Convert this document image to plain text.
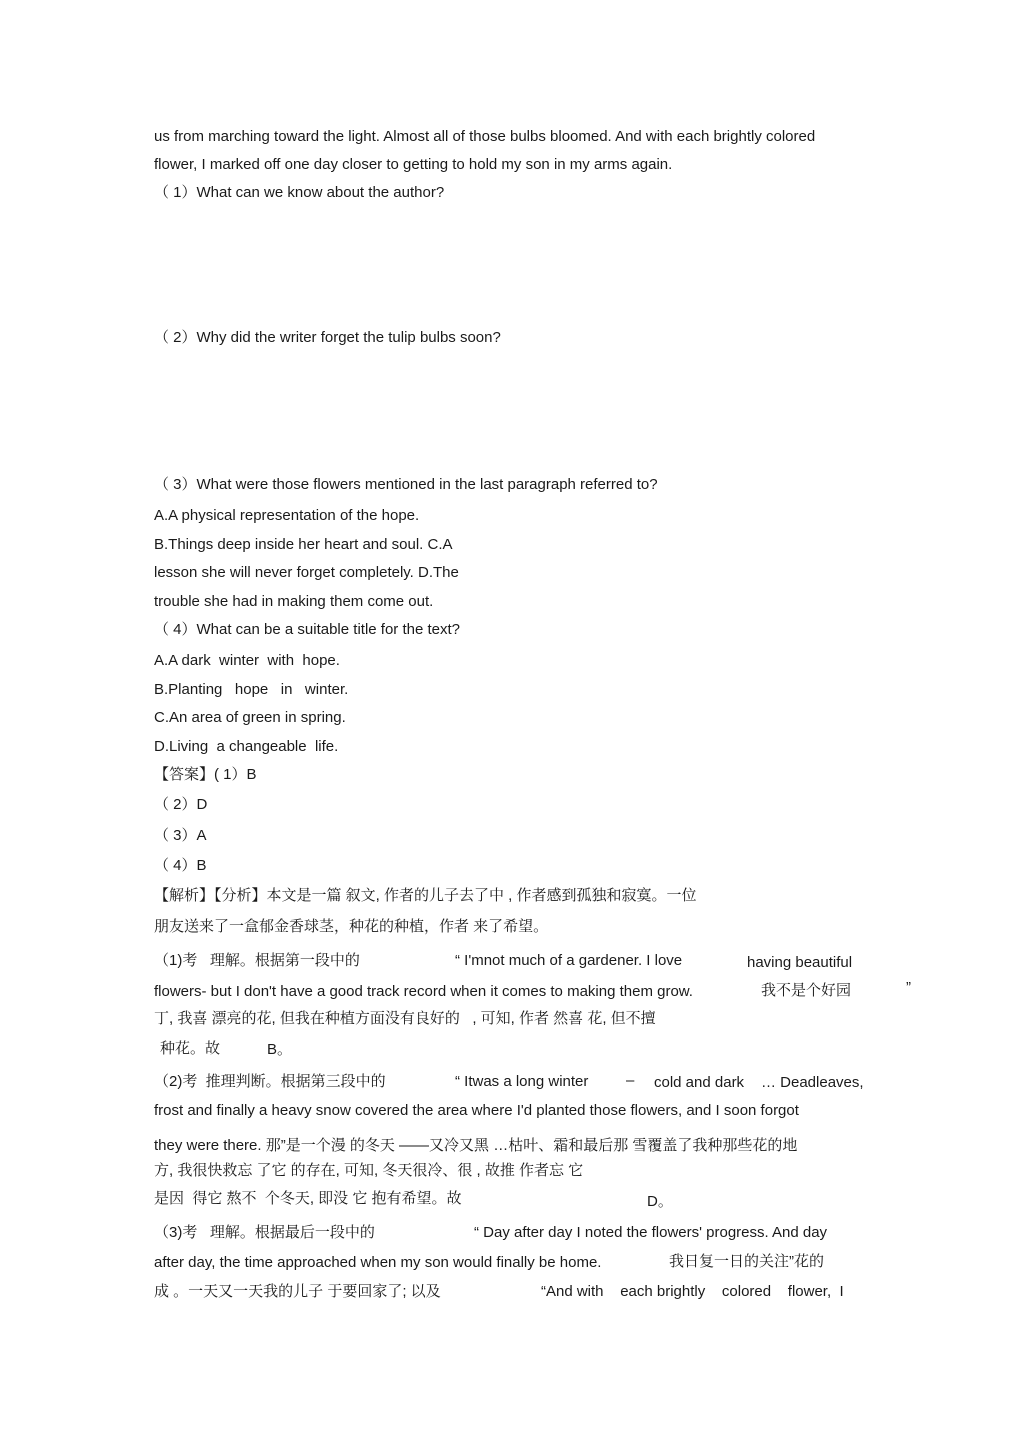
us from marching toward the light. Almost all of those bulbs bloomed. And with each brightly colored
flower, I marked off one day closer to getting to hold my son in my arms again.
（ 1）What can we know about the author?
（ 2）Why did the writer forget the tulip bulbs soon?
（ 3）What were those flowers mentioned in the last paragraph referred to?
A.A physical representation of the hope.
B.Things deep inside her heart and soul. C.A
lesson she will never forget completely. D.The
trouble she had in making them come out.
（ 4）What can be a suitable title for the text?
A.A dark  winter  with  hope.
B.Planting   hope   in   winter.
C.An area of green in spring.
D.Living  a changeable  life.
【答案】( 1）B
（ 2）D
（ 3）A
（ 4）B
【解析】【分析】本文是一篇 叙文, 作者的儿子去了中 , 作者感到孤独和寂寞。一位
朋友送来了一盒郁金香球茎，种花的种植，作者 来了希望。
（1)考   理解。根据第一段中的	“ I'mnot much of a gardener. I love	having beautiful
flowers- but I don't have a good track record when it comes to making them grow.	我不是个好园	”
丁, 我喜 漂亮的花, 但我在种植方面没有良好的   , 可知, 作者 然喜 花, 但不擅
种花。故	B。
（2)考  推理判断。根据第三段中的	“ Itwas a long winter	– cold and dark … Deadleaves,
frost and finally a heavy snow covered the area where I'd planted those flowers, and I soon forgot
they were there. 那”是一个漫 的冬天 ——又冷又黑 …枯叶、霜和最后那 雪覆盖了我种那些花的地
方, 我很快救忘 了它 的存在, 可知, 冬天很冷、很 , 故推 作者忘 它
是因  得它 熬不  个冬天, 即没 它 抱有希望。故	D。
（3)考   理解。根据最后一段中的	“ Day after day I noted the flowers' progress. And day
after day, the time approached when my son would finally be home.	我日复一日的关注”花的
成 。一天又一天我的儿子 于要回家了; 以及	“And with    each brightly    colored    flower,  I
